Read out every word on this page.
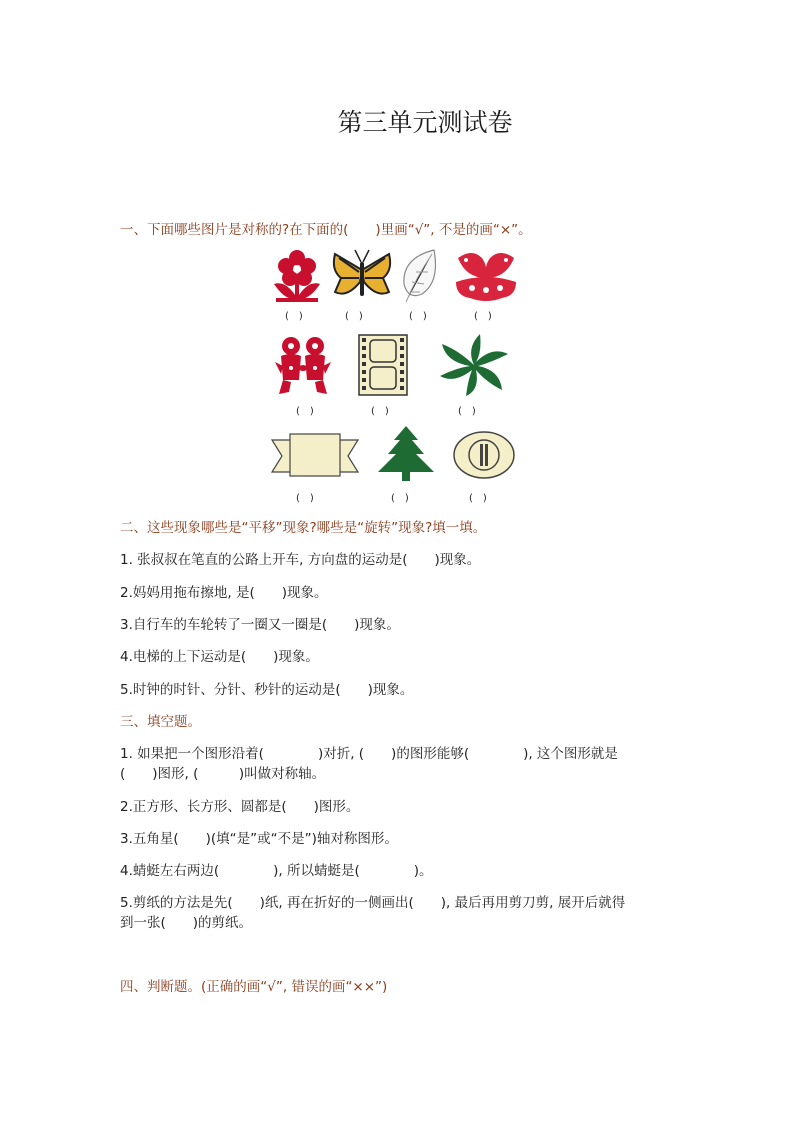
第三单元测试卷
一、下面哪些图片是对称的?在下面的(　　)里画“√”, 不是的画“×”。
(　)	(　)	(　)	(　)
(　)	(　)	(　)
(　)	(　)	(　)
二、这些现象哪些是“平移”现象?哪些是“旋转”现象?填一填。
1. 张叔叔在笔直的公路上开车, 方向盘的运动是(　　)现象。
2.妈妈用拖布擦地, 是(　　)现象。
3.自行车的车轮转了一圈又一圈是(　　)现象。
4.电梯的上下运动是(　　)现象。
5.时钟的时针、分针、秒针的运动是(　　)现象。
三、填空题。
1. 如果把一个图形沿着(　　　　)对折, (　　)的图形能够(　　　　), 这个图形就是
(　　)图形, (　　　)叫做对称轴。
2.正方形、长方形、圆都是(　　)图形。
3.五角星(　　)(填“是”或“不是”)轴对称图形。
4.蜻蜓左右两边(　　　　), 所以蜻蜓是(　　　　)。
5.剪纸的方法是先(　　)纸, 再在折好的一侧画出(　　), 最后再用剪刀剪, 展开后就得
到一张(　　)的剪纸。
四、判断题。(正确的画“√”, 错误的画“××”)
